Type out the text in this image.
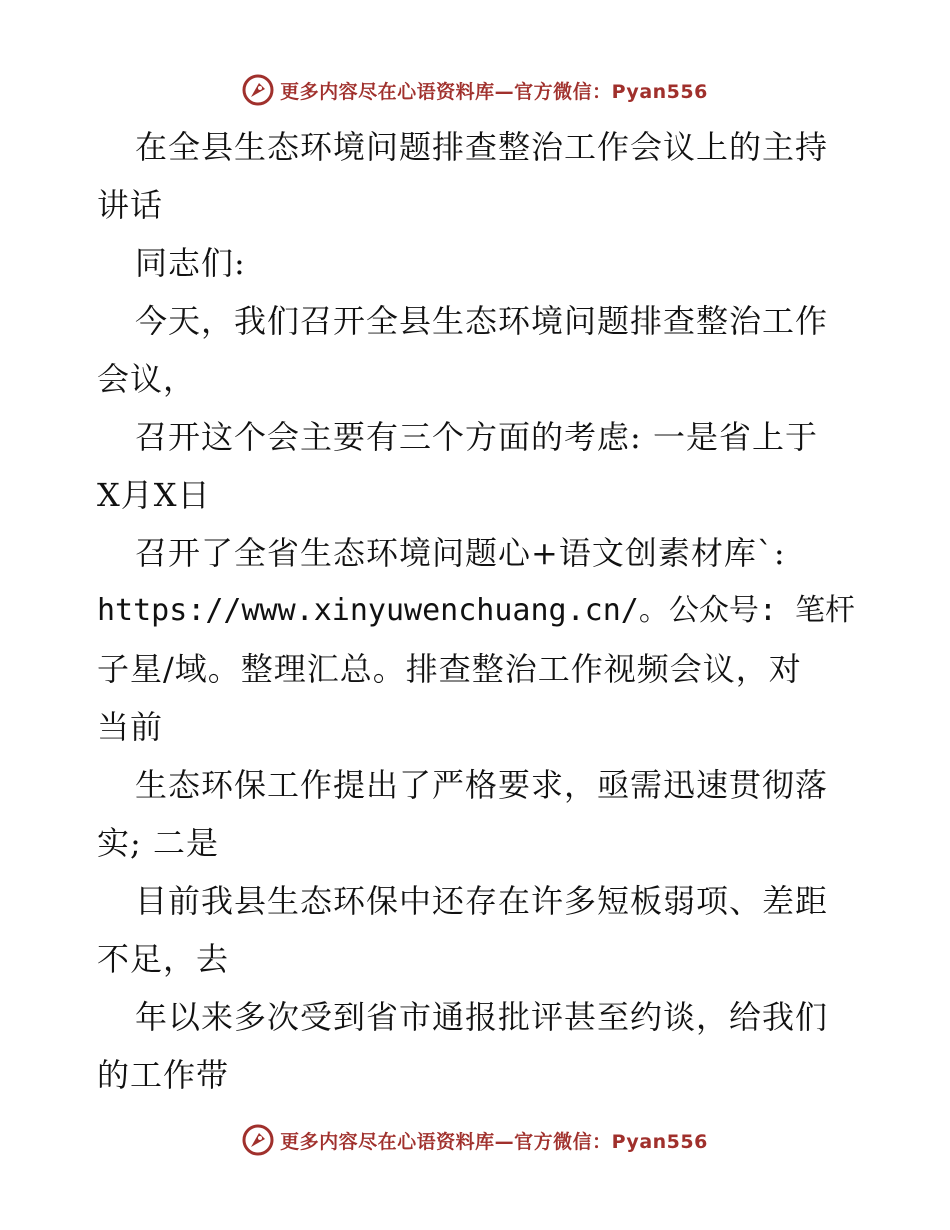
更多内容尽在心语资料库—官方微信：Pyan556
在全县生态环境问题排查整治工作会议上的主持
讲话
同志们:
今天，我们召开全县生态环境问题排查整治工作
会议，
召开这个会主要有三个方面的考虑: 一是省上于
X月X日
召开了全省生态环境问题心+语文创素材库`:
https://www.xinyuwenchuang.cn/。公众号: 笔杆
子星/域。整理汇总。排查整治工作视频会议，对
当前
生态环保工作提出了严格要求，亟需迅速贯彻落
实; 二是
目前我县生态环保中还存在许多短板弱项、差距
不足，去
年以来多次受到省市通报批评甚至约谈，给我们
的工作带
更多内容尽在心语资料库—官方微信：Pyan556
